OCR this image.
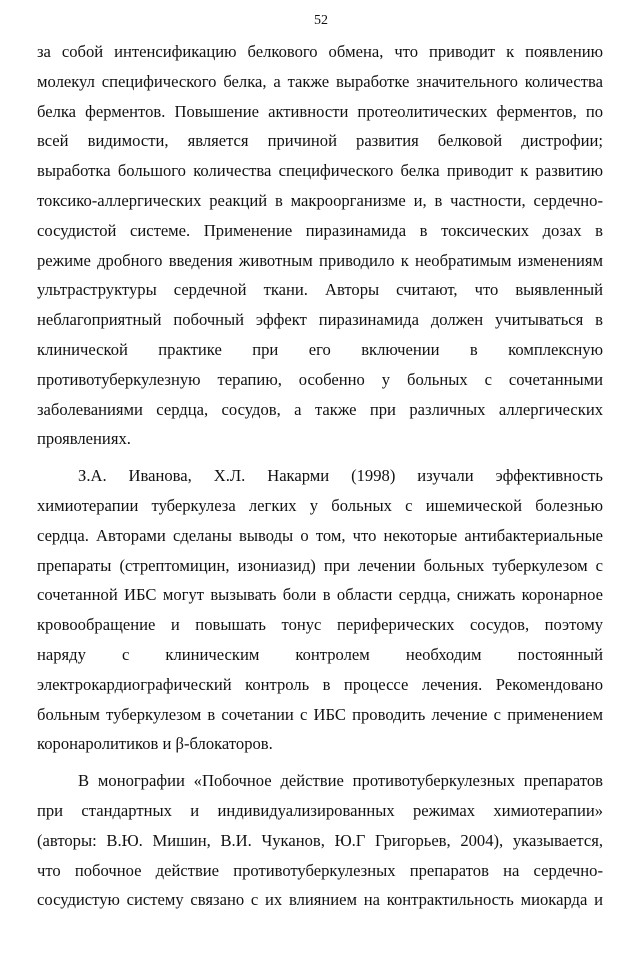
52
за собой интенсификацию белкового обмена, что приводит к появлению
молекул специфического белка, а также выработке значительного количества
белка ферментов. Повышение активности протеолитических ферментов, по
всей видимости, является причиной развития белковой дистрофии;
выработка большого количества специфического белка приводит к развитию
токсико-аллергических реакций в макроорганизме и, в частности, сердечно-
сосудистой системе. Применение пиразинамида в токсических дозах в
режиме дробного введения животным приводило к необратимым изменениям
ультраструктуры сердечной ткани. Авторы считают, что выявленный
неблагоприятный побочный эффект пиразинамида должен учитываться в
клинической практике при его включении в комплексную
противотуберкулезную терапию, особенно у больных с сочетанными
заболеваниями сердца, сосудов, а также при различных аллергических
проявлениях.
З.А. Иванова, Х.Л. Накарми (1998) изучали эффективность
химиотерапии туберкулеза легких у больных с ишемической болезнью
сердца. Авторами сделаны выводы о том, что некоторые антибактериальные
препараты (стрептомицин, изониазид) при лечении больных туберкулезом с
сочетанной ИБС могут вызывать боли в области сердца, снижать коронарное
кровообращение и повышать тонус периферических сосудов, поэтому
наряду с клиническим контролем необходим постоянный
электрокардиографический контроль в процессе лечения. Рекомендовано
больным туберкулезом в сочетании с ИБС проводить лечение с применением
коронаролитиков и β-блокаторов.
В монографии «Побочное действие противотуберкулезных препаратов
при стандартных и индивидуализированных режимах химиотерапии»
(авторы: В.Ю. Мишин, В.И. Чуканов, Ю.Г Григорьев, 2004), указывается,
что побочное действие противотуберкулезных препаратов на сердечно-
сосудистую систему связано с их влиянием на контрактильность миокарда и
